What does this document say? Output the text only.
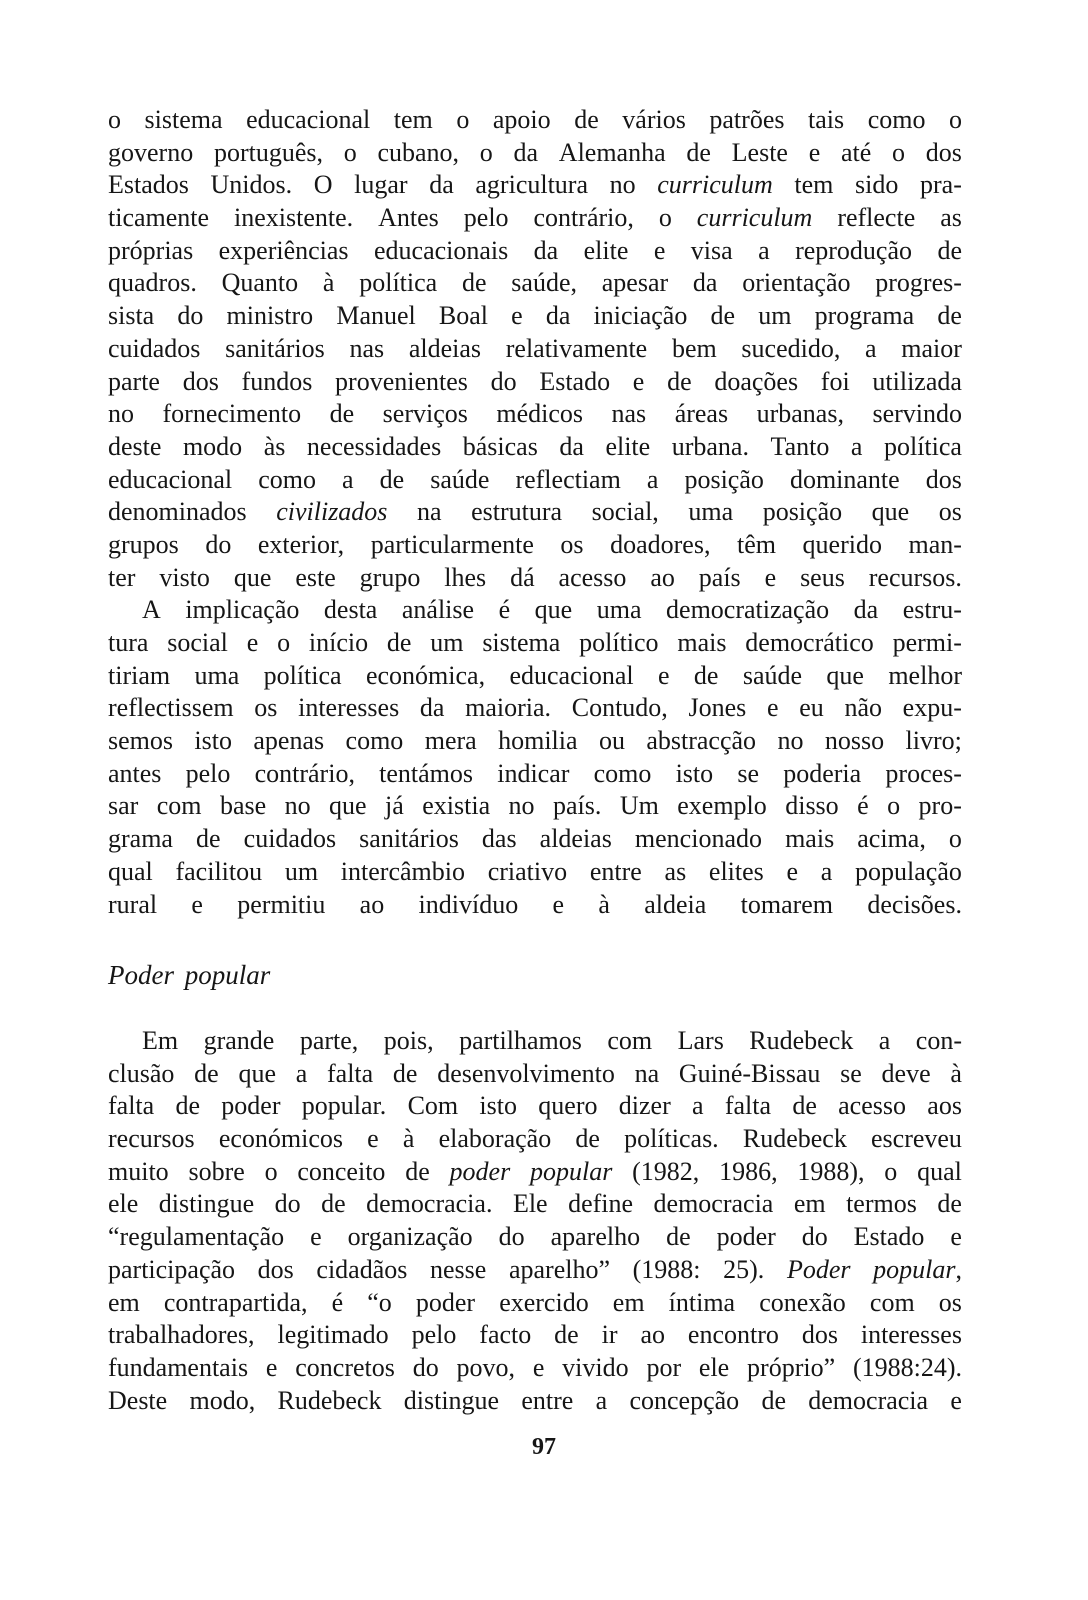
o sistema educacional tem o apoio de vários patrões tais como o
governo português, o cubano, o da Alemanha de Leste e até o dos
Estados Unidos. O lugar da agricultura no curriculum tem sido pra-
ticamente inexistente. Antes pelo contrário, o curriculum reflecte as
próprias experiências educacionais da elite e visa a reprodução de
quadros. Quanto à política de saúde, apesar da orientação progres-
sista do ministro Manuel Boal e da iniciação de um programa de
cuidados sanitários nas aldeias relativamente bem sucedido, a maior
parte dos fundos provenientes do Estado e de doações foi utilizada
no fornecimento de serviços médicos nas áreas urbanas, servindo
deste modo às necessidades básicas da elite urbana. Tanto a política
educacional como a de saúde reflectiam a posição dominante dos
denominados civilizados na estrutura social, uma posição que os
grupos do exterior, particularmente os doadores, têm querido man-
ter visto que este grupo lhes dá acesso ao país e seus recursos.
A implicação desta análise é que uma democratização da estru-
tura social e o início de um sistema político mais democrático permi-
tiriam uma política económica, educacional e de saúde que melhor
reflectissem os interesses da maioria. Contudo, Jones e eu não expu-
semos isto apenas como mera homilia ou abstracção no nosso livro;
antes pelo contrário, tentámos indicar como isto se poderia proces-
sar com base no que já existia no país. Um exemplo disso é o pro-
grama de cuidados sanitários das aldeias mencionado mais acima, o
qual facilitou um intercâmbio criativo entre as elites e a população
rural e permitiu ao indivíduo e à aldeia tomarem decisões.
Poder popular
Em grande parte, pois, partilhamos com Lars Rudebeck a con-
clusão de que a falta de desenvolvimento na Guiné-Bissau se deve à
falta de poder popular. Com isto quero dizer a falta de acesso aos
recursos económicos e à elaboração de políticas. Rudebeck escreveu
muito sobre o conceito de poder popular (1982, 1986, 1988), o qual
ele distingue do de democracia. Ele define democracia em termos de
“regulamentação e organização do aparelho de poder do Estado e
participação dos cidadãos nesse aparelho” (1988: 25). Poder popular,
em contrapartida, é “o poder exercido em íntima conexão com os
trabalhadores, legitimado pelo facto de ir ao encontro dos interesses
fundamentais e concretos do povo, e vivido por ele próprio” (1988:24).
Deste modo, Rudebeck distingue entre a concepção de democracia e
97
